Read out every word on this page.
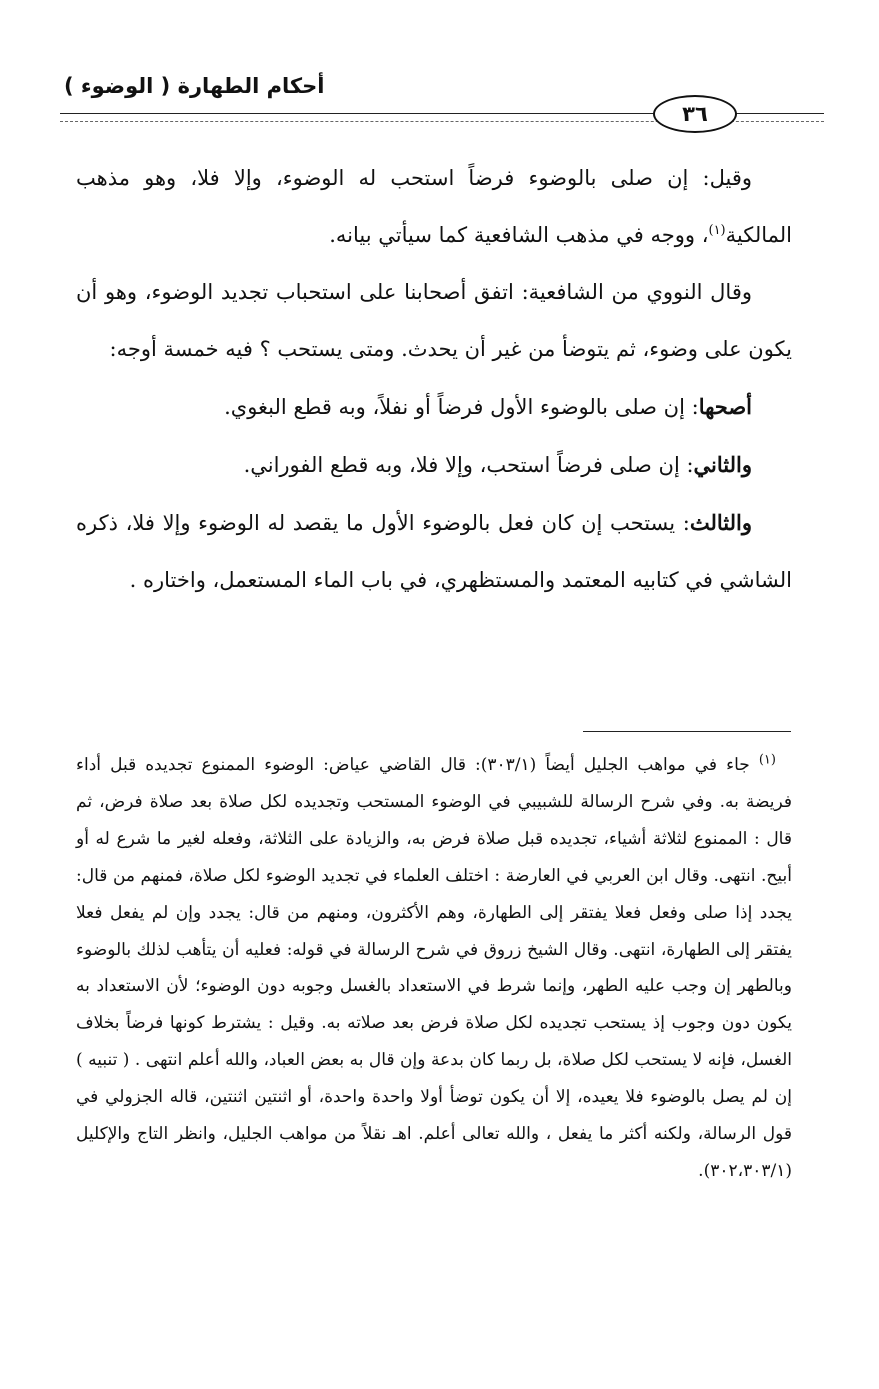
أحكام الطهارة ( الوضوء )
٣٦

وقيل: إن صلى بالوضوء فرضاً استحب له الوضوء، وإلا فلا، وهو مذهب المالكية$^{(١)}$، ووجه في مذهب الشافعية كما سيأتي بيانه.

وقال النووي من الشافعية: اتفق أصحابنا على استحباب تجديد الوضوء، وهو أن يكون على وضوء، ثم يتوضأ من غير أن يحدث. ومتى يستحب ؟ فيه خمسة أوجه:

أصحها: إن صلى بالوضوء الأول فرضاً أو نفلاً، وبه قطع البغوي.

والثاني: إن صلى فرضاً استحب، وإلا فلا، وبه قطع الفوراني.

والثالث: يستحب إن كان فعل بالوضوء الأول ما يقصد له الوضوء وإلا فلا، ذكره الشاشي في كتابيه المعتمد والمستظهري، في باب الماء المستعمل، واختاره .

$^{(١)}$ جاء في مواهب الجليل أيضاً (٣٠٣/١): قال القاضي عياض: الوضوء الممنوع تجديده قبل أداء فريضة به. وفي شرح الرسالة للشبيبي في الوضوء المستحب وتجديده لكل صلاة بعد صلاة فرض، ثم قال : الممنوع لثلاثة أشياء، تجديده قبل صلاة فرض به، والزيادة على الثلاثة، وفعله لغير ما شرع له أو أبيح. انتهى. وقال ابن العربي في العارضة : اختلف العلماء في تجديد الوضوء لكل صلاة، فمنهم من قال: يجدد إذا صلى وفعل فعلا يفتقر إلى الطهارة، وهم الأكثرون، ومنهم من قال: يجدد وإن لم يفعل فعلا يفتقر إلى الطهارة، انتهى. وقال الشيخ زروق في شرح الرسالة في قوله: فعليه أن يتأهب لذلك بالوضوء وبالطهر إن وجب عليه الطهر، وإنما شرط في الاستعداد بالغسل وجوبه دون الوضوء؛ لأن الاستعداد به يكون دون وجوب إذ يستحب تجديده لكل صلاة فرض بعد صلاته به. وقيل : يشترط كونها فرضاً بخلاف الغسل، فإنه لا يستحب لكل صلاة، بل ربما كان بدعة وإن قال به بعض العباد، والله أعلم انتهى . ( تنبيه ) إن لم يصل بالوضوء فلا يعيده، إلا أن يكون توضأ أولا واحدة واحدة، أو اثنتين اثنتين، قاله الجزولي في قول الرسالة، ولكنه أكثر ما يفعل ، والله تعالى أعلم. اهـ نقلاً من مواهب الجليل، وانظر التاج والإكليل (٣٠٢،٣٠٣/١).
